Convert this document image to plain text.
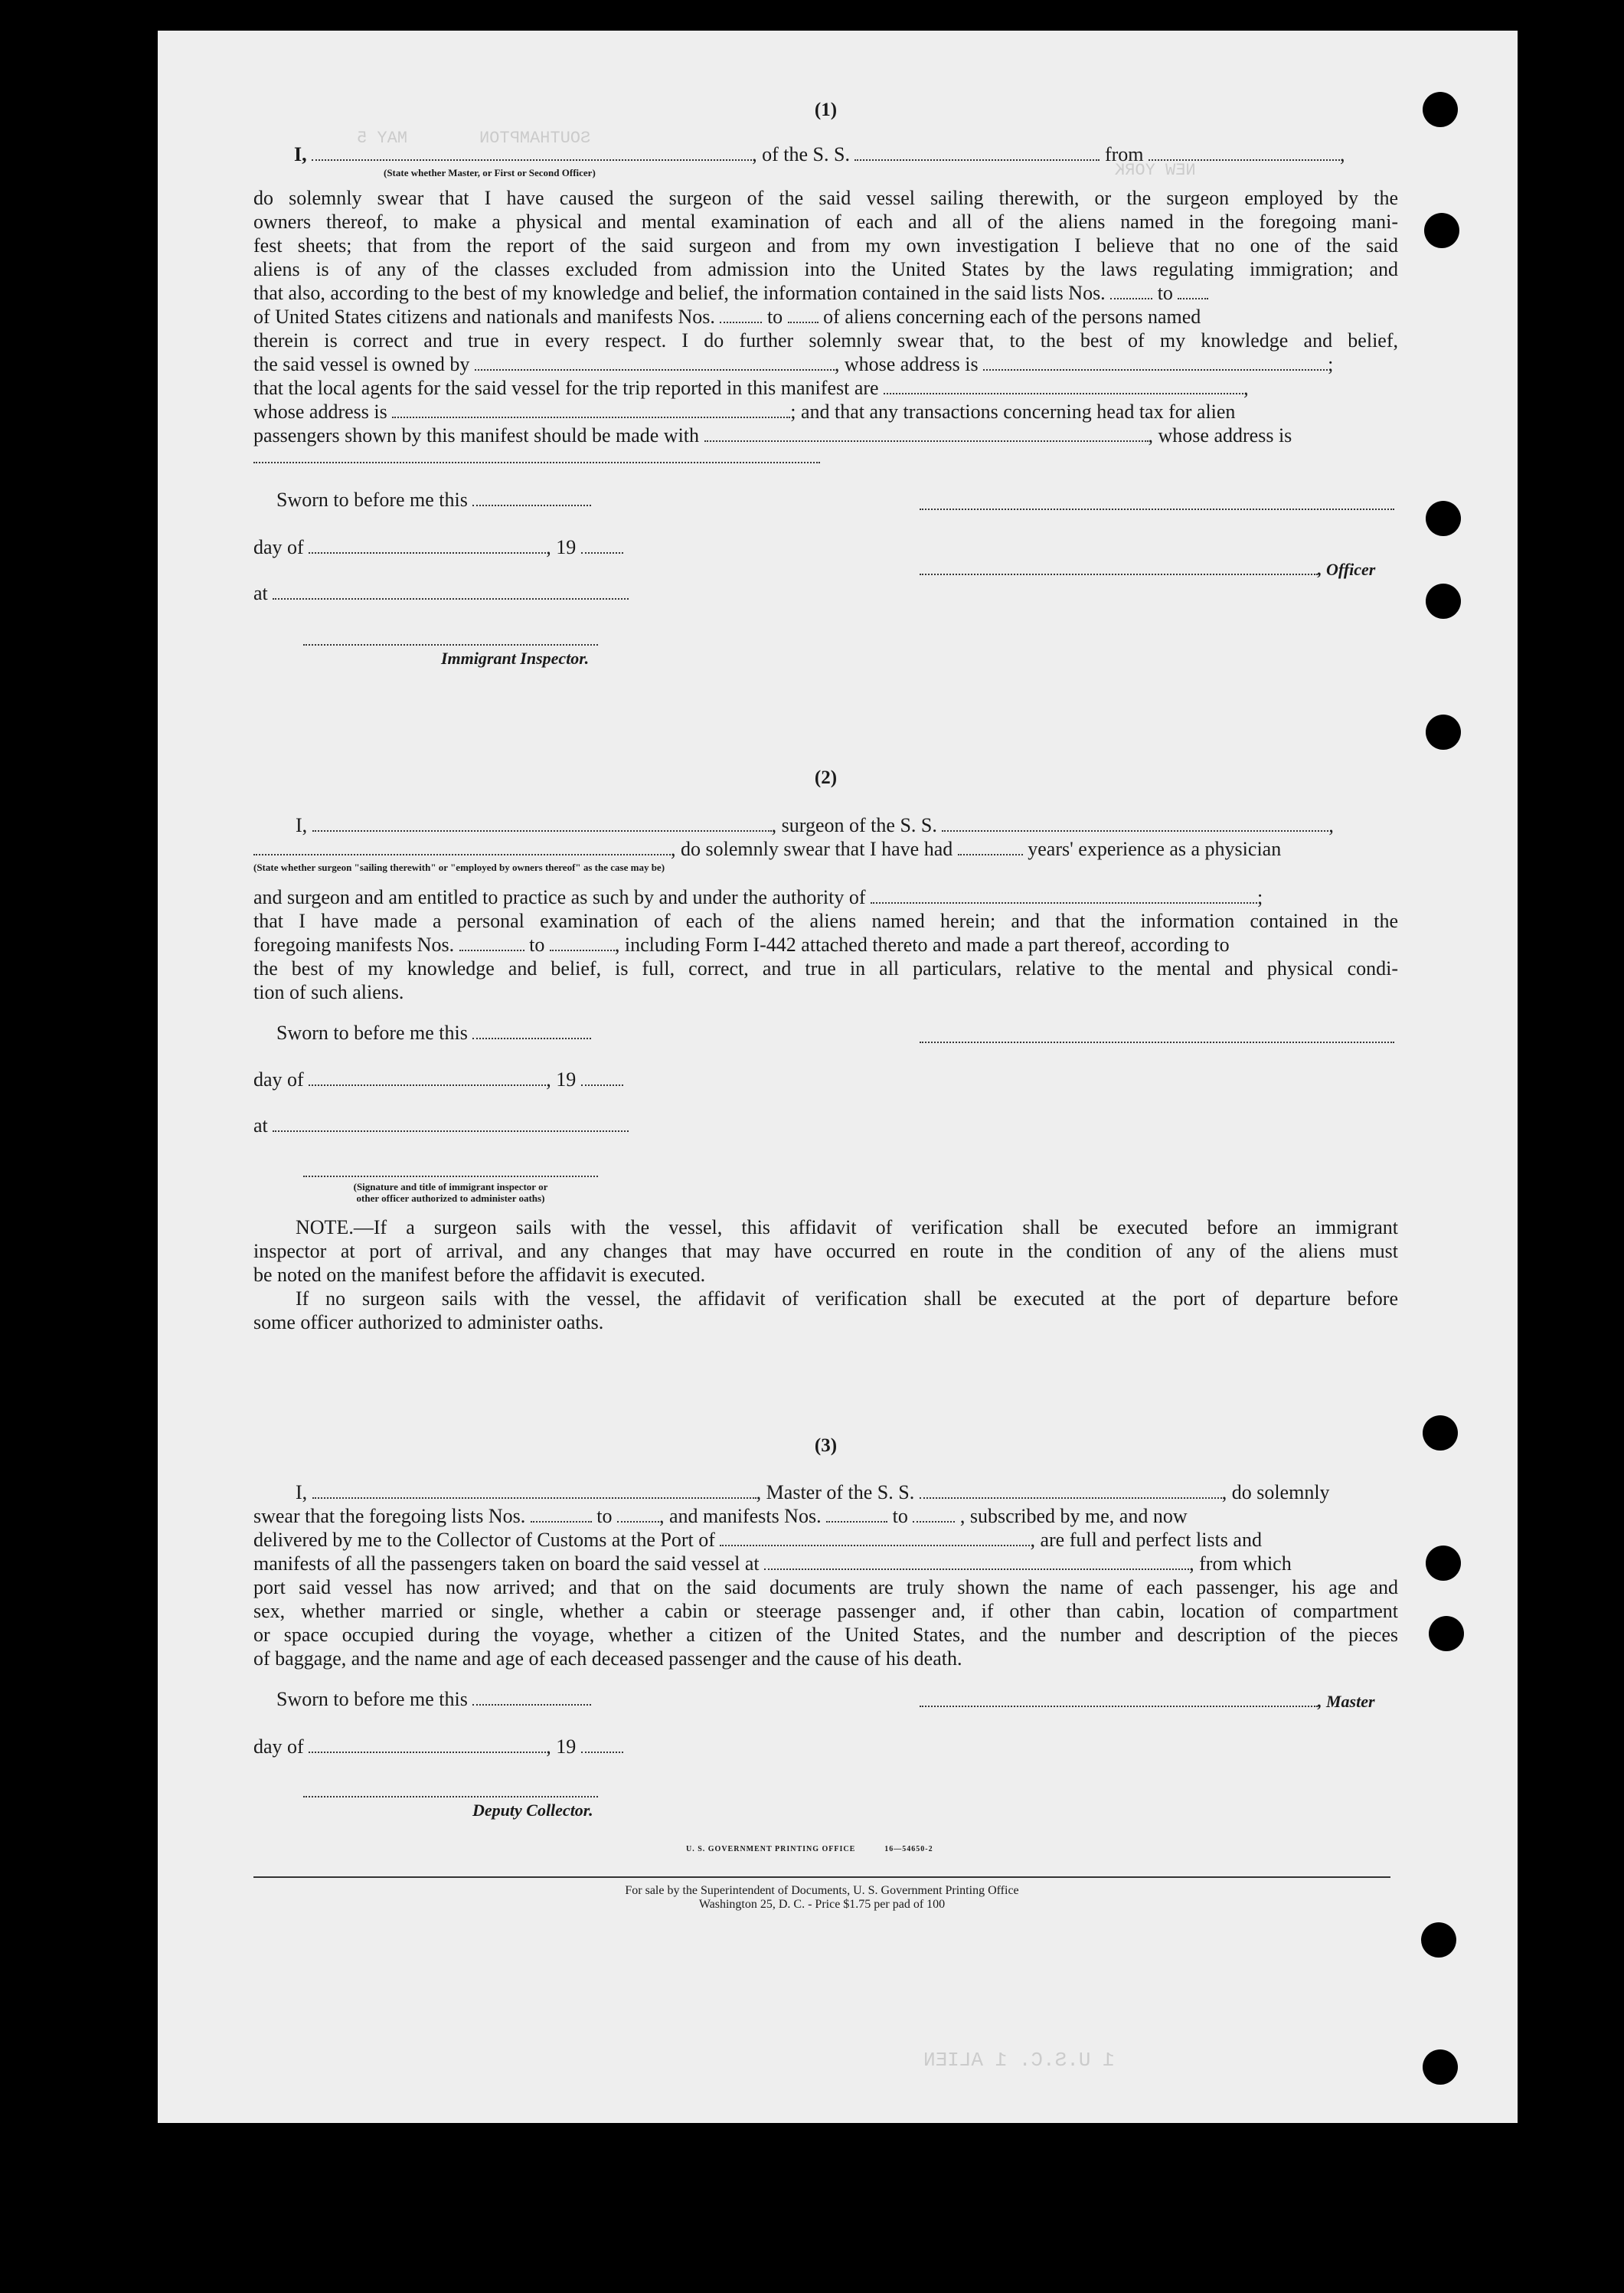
MAY 5	SOUTHAMPTON
NEW YORK
1 U.S.C. 1 ALIEN
(1)
I,	, of the S. S.	from	,
(State whether Master, or First or Second Officer)
do solemnly swear that I have caused the surgeon of the said vessel sailing therewith, or the surgeon employed by the
owners thereof, to make a physical and mental examination of each and all of the aliens named in the foregoing mani-
fest sheets; that from the report of the said surgeon and from my own investigation I believe that no one of the said
aliens is of any of the classes excluded from admission into the United States by the laws regulating immigration; and
that also, according to the best of my knowledge and belief, the information contained in the said lists Nos.	to
of United States citizens and nationals and manifests Nos.	to of aliens concerning each of the persons named
therein is correct and true in every respect. I do further solemnly swear that, to the best of my knowledge and belief,
the said vessel is owned by	, whose address is	;
that the local agents for the said vessel for the trip reported in this manifest are	,
whose address is	; and that any transactions concerning head tax for alien
passengers shown by this manifest should be made with	, whose address is
Sworn to before me this
day of	, 19
, Officer
at
Immigrant Inspector.
(2)
I,	, surgeon of the S. S.	,
, do solemnly swear that I have had	years' experience as a physician
(State whether surgeon "sailing therewith" or "employed by owners thereof" as the case may be)
and surgeon and am entitled to practice as such by and under the authority of	;
that I have made a personal examination of each of the aliens named herein; and that the information contained in the
foregoing manifests Nos.	to	, including Form I-442 attached thereto and made a part thereof, according to
the best of my knowledge and belief, is full, correct, and true in all particulars, relative to the mental and physical condi-
tion of such aliens.
Sworn to before me this
day of	, 19
at
(Signature and title of immigrant inspector or
other officer authorized to administer oaths)
NOTE.—If a surgeon sails with the vessel, this affidavit of verification shall be executed before an immigrant
inspector at port of arrival, and any changes that may have occurred en route in the condition of any of the aliens must
be noted on the manifest before the affidavit is executed.
If no surgeon sails with the vessel, the affidavit of verification shall be executed at the port of departure before
some officer authorized to administer oaths.
(3)
I,	, Master of the S. S.	, do solemnly
swear that the foregoing lists Nos.	to , and manifests Nos.	to	, subscribed by me, and now
delivered by me to the Collector of Customs at the Port of	, are full and perfect lists and
manifests of all the passengers taken on board the said vessel at	, from which
port said vessel has now arrived; and that on the said documents are truly shown the name of each passenger, his age and
sex, whether married or single, whether a cabin or steerage passenger and, if other than cabin, location of compartment
or space occupied during the voyage, whether a citizen of the United States, and the number and description of the pieces
of baggage, and the name and age of each deceased passenger and the cause of his death.
Sworn to before me this	, Master
day of	, 19
Deputy Collector.
U. S. GOVERNMENT PRINTING OFFICE	16—54650-2
For sale by the Superintendent of Documents, U. S. Government Printing Office
Washington 25, D. C. - Price $1.75 per pad of 100
